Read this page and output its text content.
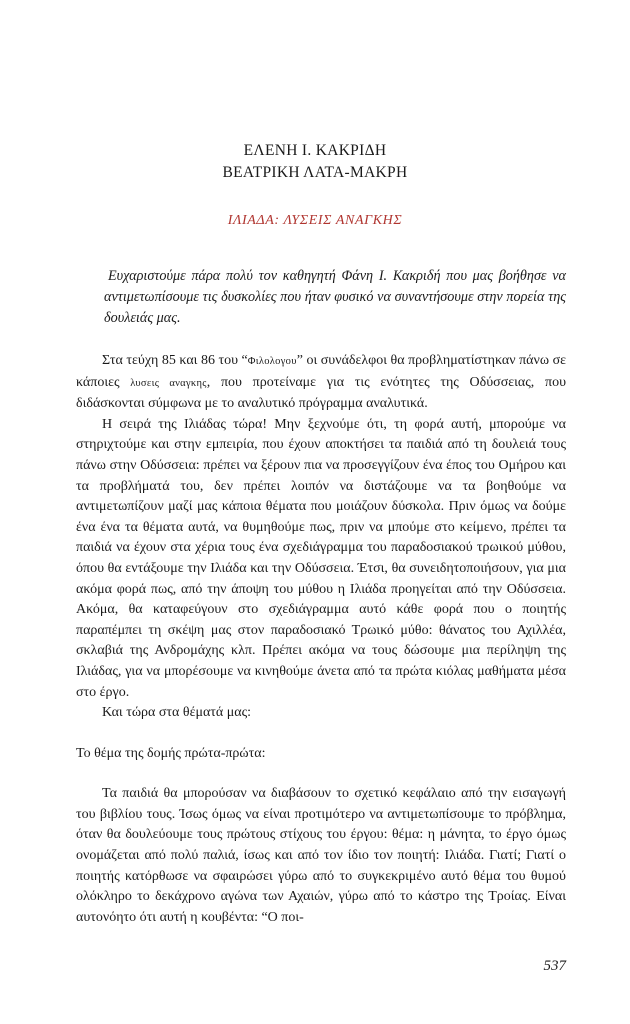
ΕΛΕΝΗ Ι. ΚΑΚΡΙΔΗ
ΒΕΑΤΡΙΚΗ ΛΑΤΑ-ΜΑΚΡΗ
ΙΛΙΑΔΑ: ΛΥΣΕΙΣ ΑΝΑΓΚΗΣ
Ευχαριστούμε πάρα πολύ τον καθηγητή Φάνη Ι. Κακριδή που μας βοήθησε να αντιμετωπίσουμε τις δυσκολίες που ήταν φυσικό να συναντήσουμε στην πορεία της δουλειάς μας.

Στα τεύχη 85 και 86 του “Φιλολογου” οι συνάδελφοι θα προβληματίστηκαν πάνω σε κάποιες λυσεις αναγκης, που προτείναμε για τις ενότητες της Οδύσσειας, που διδάσκονται σύμφωνα με το αναλυτικό πρόγραμμα αναλυτικά.

Η σειρά της Ιλιάδας τώρα! Μην ξεχνούμε ότι, τη φορά αυτή, μπορούμε να στηριχτούμε και στην εμπειρία, που έχουν αποκτήσει τα παιδιά από τη δουλειά τους πάνω στην Οδύσσεια: πρέπει να ξέρουν πια να προσεγγίζουν ένα έπος του Ομήρου και τα προβλήματά του, δεν πρέπει λοιπόν να διστάζουμε να τα βοηθούμε να αντιμετωπίζουν μαζί μας κάποια θέματα που μοιάζουν δύσκολα. Πριν όμως να δούμε ένα ένα τα θέματα αυτά, να θυμηθούμε πως, πριν να μπούμε στο κείμενο, πρέπει τα παιδιά να έχουν στα χέρια τους ένα σχεδιάγραμμα του παραδοσιακού τρωικού μύθου, όπου θα εντάξουμε την Ιλιάδα και την Οδύσσεια. Έτσι, θα συνειδητοποιήσουν, για μια ακόμα φορά πως, από την άποψη του μύθου η Ιλιάδα προηγείται από την Οδύσσεια. Ακόμα, θα καταφεύγουν στο σχεδιάγραμμα αυτό κάθε φορά που ο ποιητής παραπέμπει τη σκέψη μας στον παραδοσιακό Τρωικό μύθο: θάνατος του Αχιλλέα, σκλαβιά της Ανδρομάχης κλπ. Πρέπει ακόμα να τους δώσουμε μια περίληψη της Ιλιάδας, για να μπορέσουμε να κινηθούμε άνετα από τα πρώτα κιόλας μαθήματα μέσα στο έργο.

Και τώρα στα θέματά μας:

Το θέμα της δομής πρώτα-πρώτα:

Τα παιδιά θα μπορούσαν να διαβάσουν το σχετικό κεφάλαιο από την εισαγωγή του βιβλίου τους. Ίσως όμως να είναι προτιμότερο να αντιμετωπίσουμε το πρόβλημα, όταν θα δουλεύουμε τους πρώτους στίχους του έργου: θέμα: η μάνητα, το έργο όμως ονομάζεται από πολύ παλιά, ίσως και από τον ίδιο τον ποιητή: Ιλιάδα. Γιατί; Γιατί ο ποιητής κατόρθωσε να σφαιρώσει γύρω από το συγκεκριμένο αυτό θέμα του θυμού ολόκληρο το δεκάχρονο αγώνα των Αχαιών, γύρω από το κάστρο της Τροίας. Είναι αυτονόητο ότι αυτή η κουβέντα: “Ο ποι-

537
